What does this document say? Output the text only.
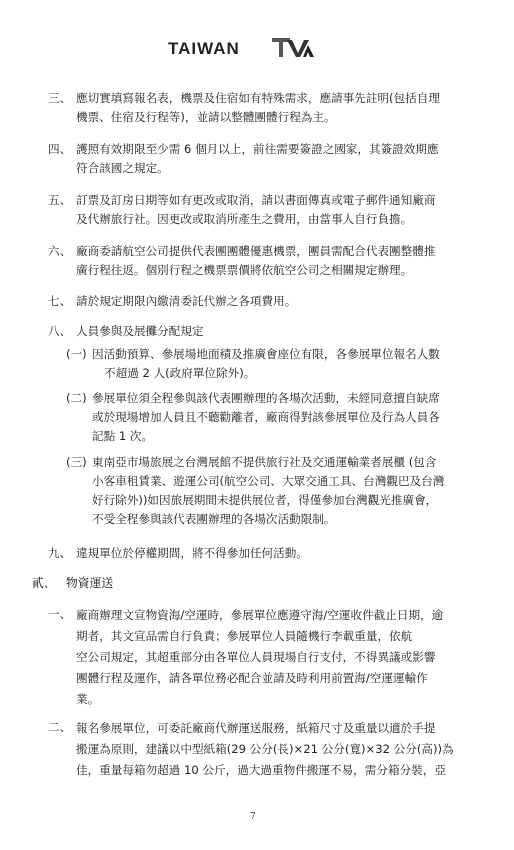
TAIWAN
三、 應切實填寫報名表，機票及住宿如有特殊需求，應請事先註明(包括自理
機票、住宿及行程等)，並請以整體團體行程為主。
四、 護照有效期限至少需 6 個月以上，前往需要簽證之國家，其簽證效期應
符合該國之規定。
五、 訂票及訂房日期等如有更改或取消，請以書面傳真或電子郵件通知廠商
及代辦旅行社。因更改或取消所產生之費用，由當事人自行負擔。
六、 廠商委請航空公司提供代表團團體優惠機票，團員需配合代表團整體推
廣行程往返。個別行程之機票票價將依航空公司之相關規定辦理。
七、 請於規定期限內繳清委託代辦之各項費用。
八、 人員參與及展攤分配規定
(一) 因活動預算、參展場地面積及推廣會座位有限，各參展單位報名人數
不超過 2 人(政府單位除外)。
(二) 參展單位須全程參與該代表團辦理的各場次活動，未經同意擅自缺席
或於現場增加人員且不聽勸離者，廠商得對該參展單位及行為人員各
記點 1 次。
(三) 東南亞市場旅展之台灣展館不提供旅行社及交通運輸業者展櫃 (包含
小客車租賃業、遊運公司(航空公司、大眾交通工具、台灣觀巴及台灣
好行除外))如因旅展期間未提供展位者，得僅參加台灣觀光推廣會，
不受全程參與該代表團辦理的各場次活動限制。
九、 違規單位於停權期間，將不得參加任何活動。
貳、 物資運送
一、 廠商辦理文宣物資海/空運時，參展單位應遵守海/空運收件截止日期，逾
期者，其文宣品需自行負責；參展單位人員隨機行李載重量，依航
空公司規定，其超重部分由各單位人員現場自行支付，不得異議或影響
團體行程及運作，請各單位務必配合並請及時利用前置海/空運運輸作
業。
二、 報名參展單位，可委託廠商代辦運送服務，紙箱尺寸及重量以適於手提
搬運為原則，建議以中型紙箱(29 公分(長)×21 公分(寬)×32 公分(高))為
佳，重量每箱勿超過 10 公斤，過大過重物件搬運不易，需分箱分裝，亞
7
